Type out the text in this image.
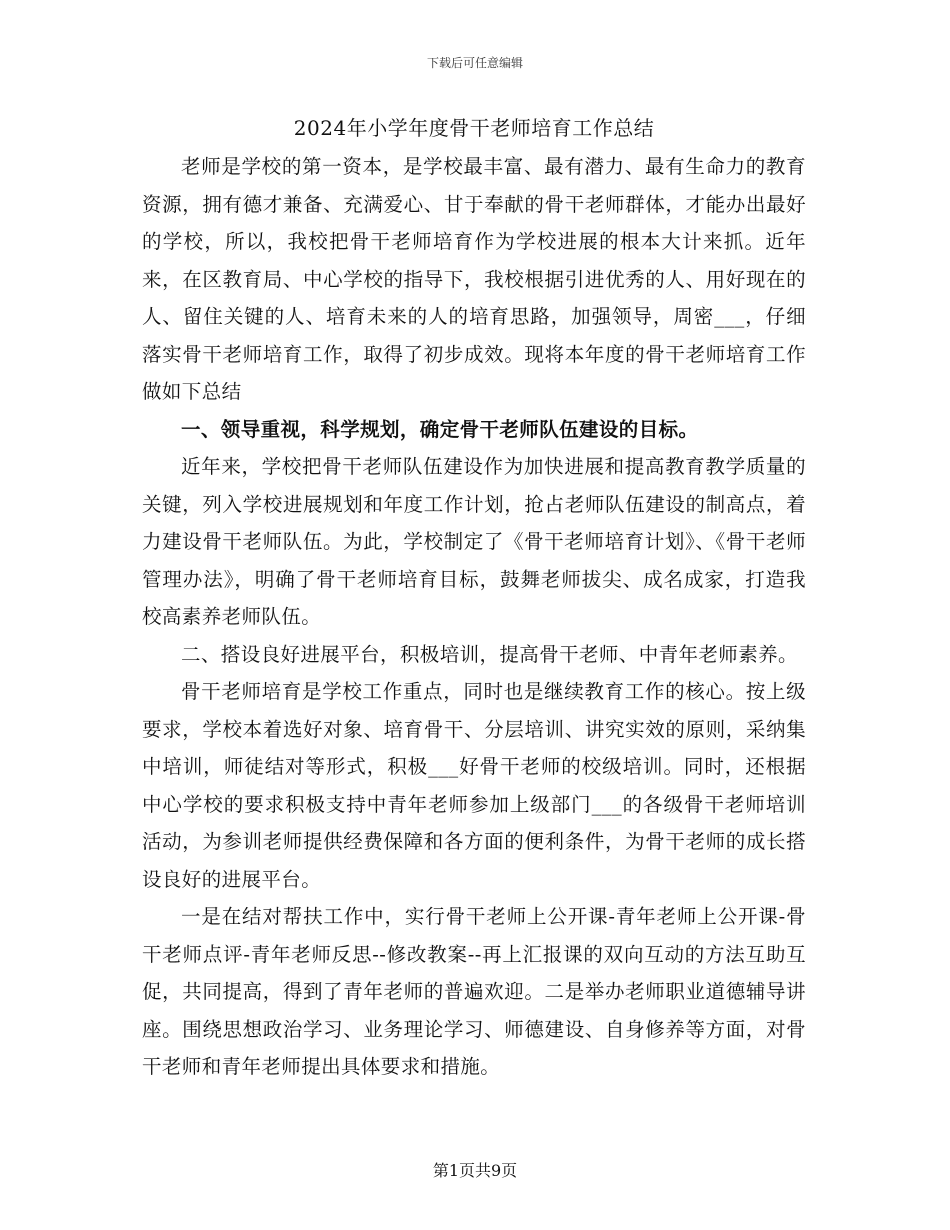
下载后可任意编辑
2024年小学年度骨干老师培育工作总结

老师是学校的第一资本，是学校最丰富、最有潜力、最有生命力的教育资源，拥有德才兼备、充满爱心、甘于奉献的骨干老师群体，才能办出最好的学校，所以，我校把骨干老师培育作为学校进展的根本大计来抓。近年来，在区教育局、中心学校的指导下，我校根据引进优秀的人、用好现在的人、留住关键的人、培育未来的人的培育思路，加强领导，周密___，仔细落实骨干老师培育工作，取得了初步成效。现将本年度的骨干老师培育工作做如下总结

一、领导重视，科学规划，确定骨干老师队伍建设的目标。

近年来，学校把骨干老师队伍建设作为加快进展和提高教育教学质量的关键，列入学校进展规划和年度工作计划，抢占老师队伍建设的制高点，着力建设骨干老师队伍。为此，学校制定了《骨干老师培育计划》、《骨干老师管理办法》，明确了骨干老师培育目标，鼓舞老师拔尖、成名成家，打造我校高素养老师队伍。

二、搭设良好进展平台，积极培训，提高骨干老师、中青年老师素养。

骨干老师培育是学校工作重点，同时也是继续教育工作的核心。按上级要求，学校本着选好对象、培育骨干、分层培训、讲究实效的原则，采纳集中培训，师徒结对等形式，积极___好骨干老师的校级培训。同时，还根据中心学校的要求积极支持中青年老师参加上级部门___的各级骨干老师培训活动，为参训老师提供经费保障和各方面的便利条件，为骨干老师的成长搭设良好的进展平台。

一是在结对帮扶工作中，实行骨干老师上公开课-青年老师上公开课-骨干老师点评-青年老师反思--修改教案--再上汇报课的双向互动的方法互助互促，共同提高，得到了青年老师的普遍欢迎。二是举办老师职业道德辅导讲座。围绕思想政治学习、业务理论学习、师德建设、自身修养等方面，对骨干老师和青年老师提出具体要求和措施。

第1页共9页
